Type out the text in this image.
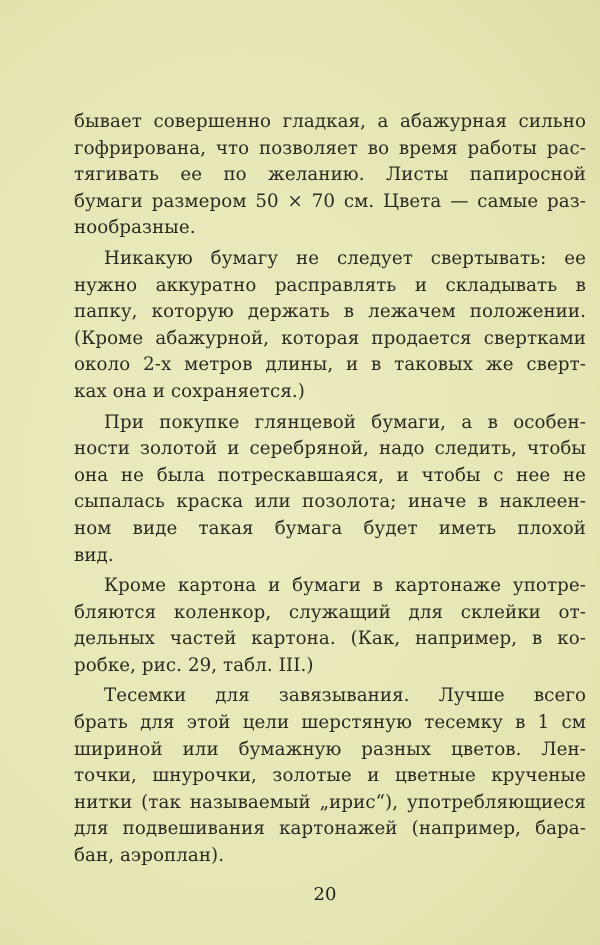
бывает совершенно гладкая, а абажурная сильно
гофрирована, что позволяет во время работы рас-
тягивать ее по желанию. Листы папиросной
бумаги размером 50 × 70 см. Цвета — самые раз-
нообразные.

Никакую бумагу не следует свертывать: ее
нужно аккуратно расправлять и складывать в
папку, которую держать в лежачем положении.
(Кроме абажурной, которая продается свертками
около 2-х метров длины, и в таковых же сверт-
ках она и сохраняется.)

При покупке глянцевой бумаги, а в особен-
ности золотой и серебряной, надо следить, чтобы
она не была потрескавшаяся, и чтобы с нее не
сыпалась краска или позолота; иначе в наклеен-
ном виде такая бумага будет иметь плохой
вид.

Кроме картона и бумаги в картонаже употре-
бляются коленкор, служащий для склейки от-
дельных частей картона. (Как, например, в ко-
робке, рис. 29, табл. III.)

Тесемки для завязывания. Лучше всего
брать для этой цели шерстяную тесемку в 1 см
шириной или бумажную разных цветов. Лен-
точки, шнурочки, золотые и цветные крученые
нитки (так называемый „ирис“), употребляющиеся
для подвешивания картонажей (например, бара-
бан, аэроплан).

20
